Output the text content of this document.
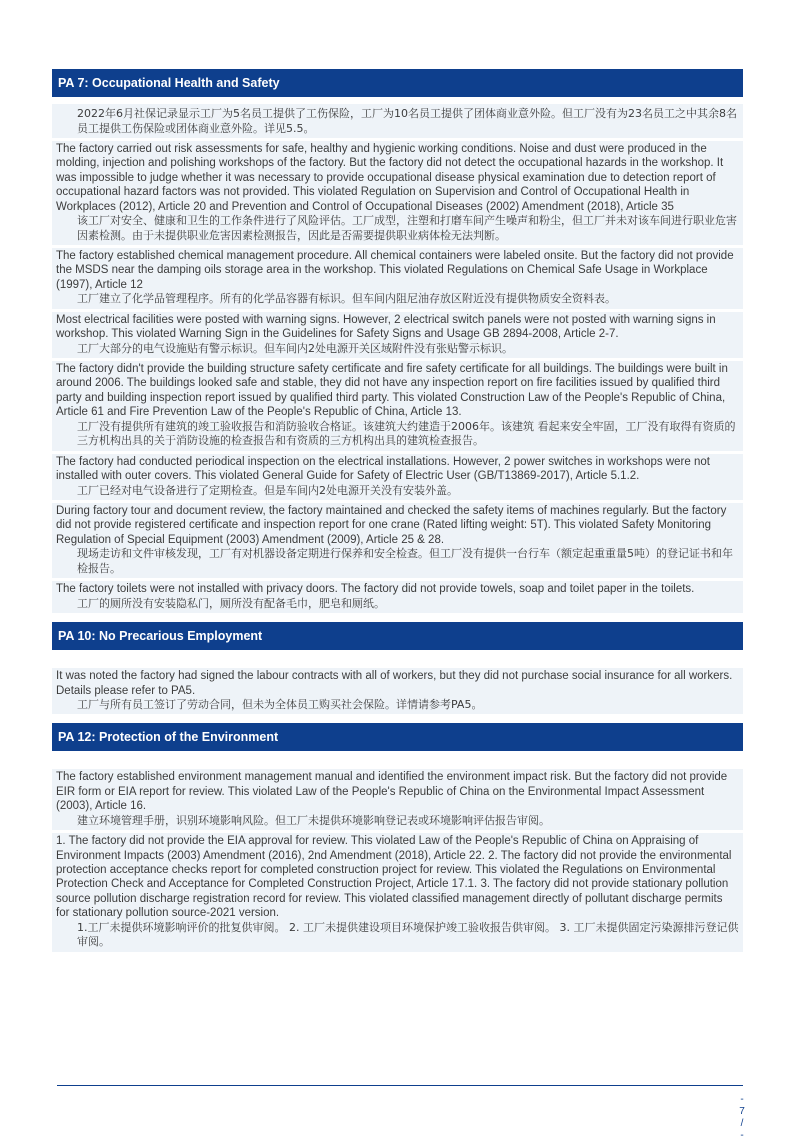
PA 7: Occupational Health and Safety

2022年6月社保记录显示工厂为5名员工提供了工伤保险，工厂为10名员工提供了团体商业意外险。但工厂没有为23名员工之中其余8名员工提供工伤保险或团体商业意外险。详见5.5。

The factory carried out risk assessments for safe, healthy and hygienic working conditions. Noise and dust were produced in the molding, injection and polishing workshops of the factory. But the factory did not detect the occupational hazards in the workshop. It was impossible to judge whether it was necessary to provide occupational disease physical examination due to detection report of occupational hazard factors was not provided. This violated Regulation on Supervision and Control of Occupational Health in Workplaces (2012), Article 20 and Prevention and Control of Occupational Diseases (2002) Amendment (2018), Article 35

该工厂对安全、健康和卫生的工作条件进行了风险评估。工厂成型，注塑和打磨车间产生噪声和粉尘，但工厂并未对该车间进行职业危害因素检测。由于未提供职业危害因素检测报告，因此是否需要提供职业病体检无法判断。

The factory established chemical management procedure. All chemical containers were labeled onsite. But the factory did not provide the MSDS near the damping oils storage area in the workshop. This violated Regulations on Chemical Safe Usage in Workplace (1997), Article 12

工厂建立了化学品管理程序。所有的化学品容器有标识。但车间内阻尼油存放区附近没有提供物质安全资料表。

Most electrical facilities were posted with warning signs. However, 2 electrical switch panels were not posted with warning signs in workshop. This violated Warning Sign in the Guidelines for Safety Signs and Usage GB 2894-2008, Article 2-7.

工厂大部分的电气设施贴有警示标识。但车间内2处电源开关区域附件没有张贴警示标识。

The factory didn't provide the building structure safety certificate and fire safety certificate for all buildings. The buildings were built in around 2006. The buildings looked safe and stable, they did not have any inspection report on fire facilities issued by qualified third party and building inspection report issued by qualified third party. This violated Construction Law of the People's Republic of China, Article 61 and Fire Prevention Law of the People's Republic of China, Article 13.

工厂没有提供所有建筑的竣工验收报告和消防验收合格证。该建筑大约建造于2006年。该建筑 看起来安全牢固，工厂没有取得有资质的三方机构出具的关于消防设施的检查报告和有资质的三方机构出具的建筑检查报告。

The factory had conducted periodical inspection on the electrical installations. However, 2 power switches in workshops were not installed with outer covers. This violated General Guide for Safety of Electric User (GB/T13869-2017), Article 5.1.2.

工厂已经对电气设备进行了定期检查。但是车间内2处电源开关没有安装外盖。

During factory tour and document review, the factory maintained and checked the safety items of machines regularly. But the factory did not provide registered certificate and inspection report for one crane (Rated lifting weight: 5T). This violated Safety Monitoring Regulation of Special Equipment (2003) Amendment (2009), Article 25 & 28.

现场走访和文件审核发现，工厂有对机器设备定期进行保养和安全检查。但工厂没有提供一台行车（额定起重重量5吨）的登记证书和年检报告。

The factory toilets were not installed with privacy doors. The factory did not provide towels, soap and toilet paper in the toilets.

工厂的厕所没有安装隐私门，厕所没有配备毛巾，肥皂和厕纸。

PA 10: No Precarious Employment

It was noted the factory had signed the labour contracts with all of workers, but they did not purchase social insurance for all workers. Details please refer to PA5.

工厂与所有员工签订了劳动合同，但未为全体员工购买社会保险。详情请参考PA5。

PA 12: Protection of the Environment

The factory established environment management manual and identified the environment impact risk. But the factory did not provide EIR form or EIA report for review. This violated Law of the People's Republic of China on the Environmental Impact Assessment (2003), Article 16.

建立环境管理手册，识别环境影响风险。但工厂未提供环境影响登记表或环境影响评估报告审阅。

1. The factory did not provide the EIA approval for review. This violated Law of the People's Republic of China on Appraising of Environment Impacts (2003) Amendment (2016), 2nd Amendment (2018), Article 22. 2. The factory did not provide the environmental protection acceptance checks report for completed construction project for review. This violated the Regulations on Environmental Protection Check and Acceptance for Completed Construction Project, Article 17.1. 3. The factory did not provide stationary pollution source pollution discharge registration record for review. This violated classified management directly of pollutant discharge permits for stationary pollution source-2021 version.

1.工厂未提供环境影响评价的批复供审阅。 2. 工厂未提供建设项目环境保护竣工验收报告供审阅。 3. 工厂未提供固定污染源排污登记供审阅。

-
7
/
-
